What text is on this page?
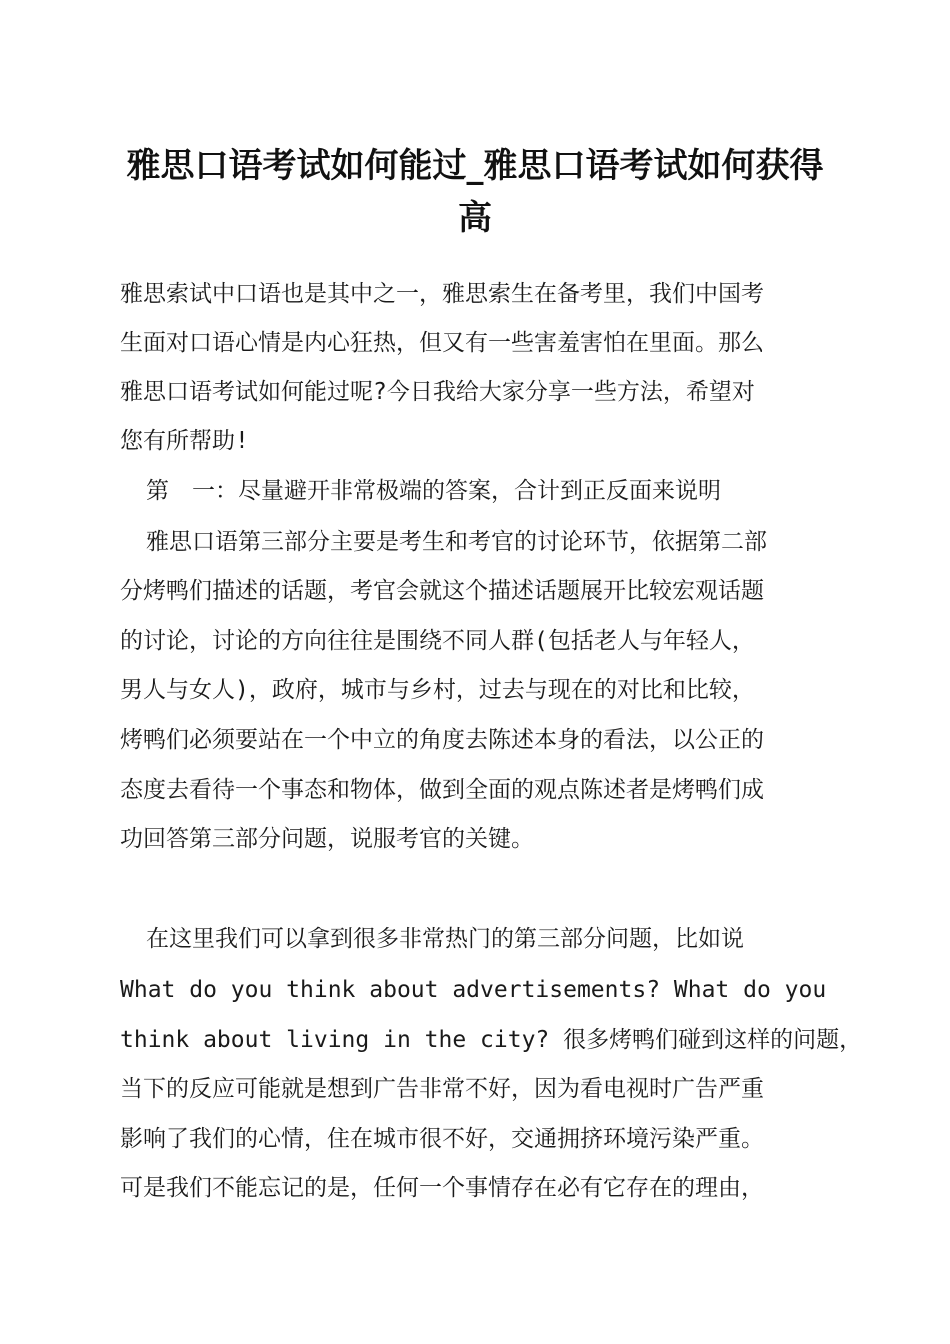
雅思口语考试如何能过_雅思口语考试如何获得高
雅思索试中口语也是其中之一，雅思索生在备考里，我们中国考
生面对口语心情是内心狂热，但又有一些害羞害怕在里面。那么
雅思口语考试如何能过呢?今日我给大家分享一些方法，希望对
您有所帮助!
第　一：尽量避开非常极端的答案，合计到正反面来说明
雅思口语第三部分主要是考生和考官的讨论环节，依据第二部
分烤鸭们描述的话题，考官会就这个描述话题展开比较宏观话题
的讨论，讨论的方向往往是围绕不同人群(包括老人与年轻人，
男人与女人)，政府，城市与乡村，过去与现在的对比和比较，
烤鸭们必须要站在一个中立的角度去陈述本身的看法，以公正的
态度去看待一个事态和物体，做到全面的观点陈述者是烤鸭们成
功回答第三部分问题，说服考官的关键。
在这里我们可以拿到很多非常热门的第三部分问题，比如说
What do you think about advertisements? What do you
think about living in the city? 很多烤鸭们碰到这样的问题，
当下的反应可能就是想到广告非常不好，因为看电视时广告严重
影响了我们的心情，住在城市很不好，交通拥挤环境污染严重。
可是我们不能忘记的是，任何一个事情存在必有它存在的理由，
